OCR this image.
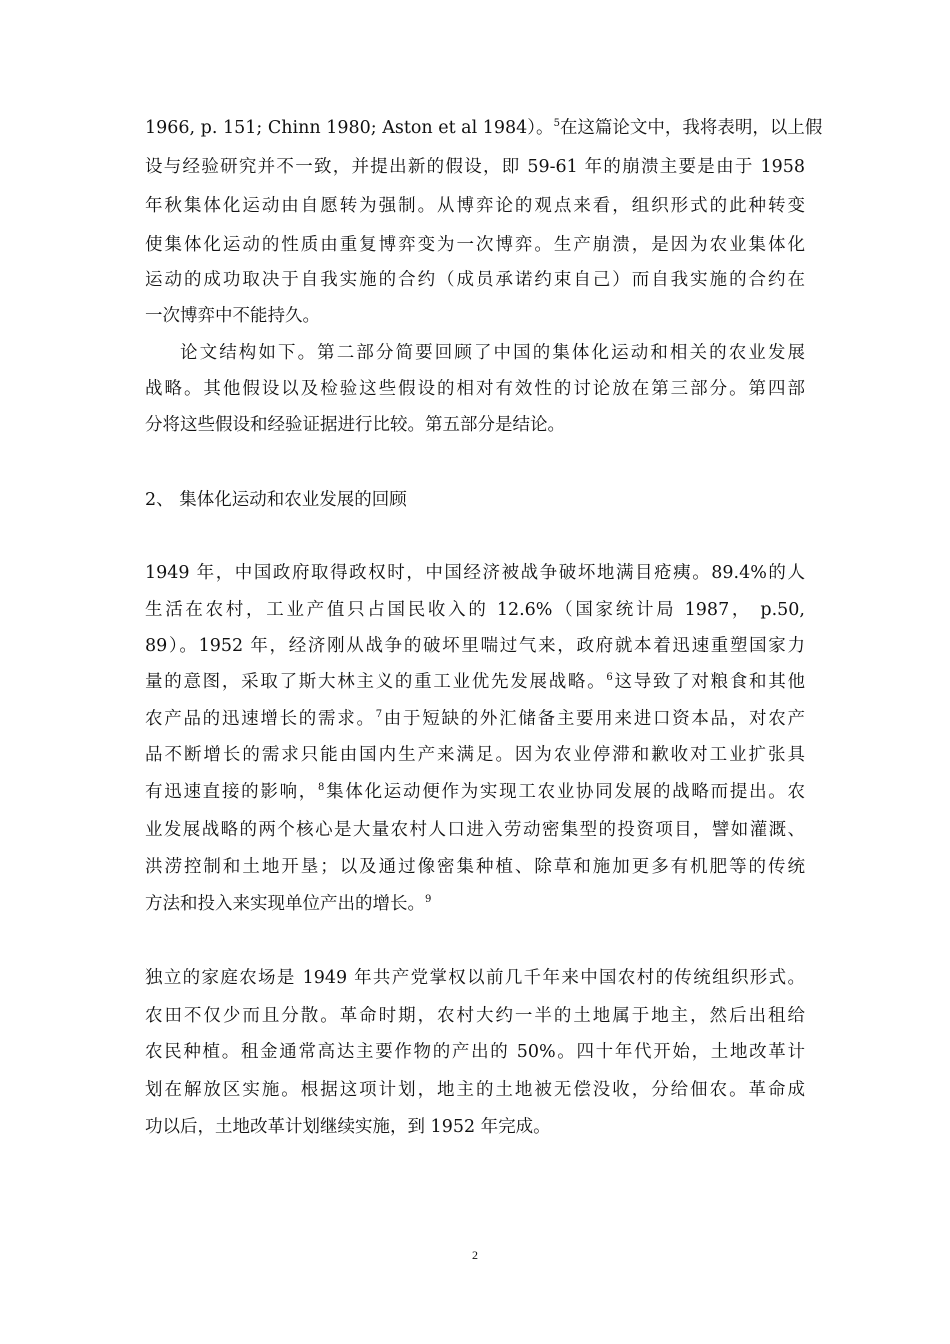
1966, p. 151; Chinn 1980; Aston et al 1984）。$^5$在这篇论文中，我将表明，以上假
设与经验研究并不一致，并提出新的假设，即 59-61 年的崩溃主要是由于 1958
年秋集体化运动由自愿转为强制。从博弈论的观点来看，组织形式的此种转变
使集体化运动的性质由重复博弈变为一次博弈。生产崩溃，是因为农业集体化
运动的成功取决于自我实施的合约（成员承诺约束自己）而自我实施的合约在
一次博弈中不能持久。
论文结构如下。第二部分简要回顾了中国的集体化运动和相关的农业发展
战略。其他假设以及检验这些假设的相对有效性的讨论放在第三部分。第四部
分将这些假设和经验证据进行比较。第五部分是结论。
2、 集体化运动和农业发展的回顾
1949 年，中国政府取得政权时，中国经济被战争破坏地满目疮痍。89.4%的人
生活在农村，工业产值只占国民收入的 12.6%（国家统计局 1987， p.50,
89）。1952 年，经济刚从战争的破坏里喘过气来，政府就本着迅速重塑国家力
量的意图，采取了斯大林主义的重工业优先发展战略。$^6$这导致了对粮食和其他
农产品的迅速增长的需求。$^7$由于短缺的外汇储备主要用来进口资本品，对农产
品不断增长的需求只能由国内生产来满足。因为农业停滞和歉收对工业扩张具
有迅速直接的影响，$^8$集体化运动便作为实现工农业协同发展的战略而提出。农
业发展战略的两个核心是大量农村人口进入劳动密集型的投资项目，譬如灌溉、
洪涝控制和土地开垦；以及通过像密集种植、除草和施加更多有机肥等的传统
方法和投入来实现单位产出的增长。$^9$
独立的家庭农场是 1949 年共产党掌权以前几千年来中国农村的传统组织形式。
农田不仅少而且分散。革命时期，农村大约一半的土地属于地主，然后出租给
农民种植。租金通常高达主要作物的产出的 50%。四十年代开始，土地改革计
划在解放区实施。根据这项计划，地主的土地被无偿没收，分给佃农。革命成
功以后，土地改革计划继续实施，到 1952 年完成。
2
